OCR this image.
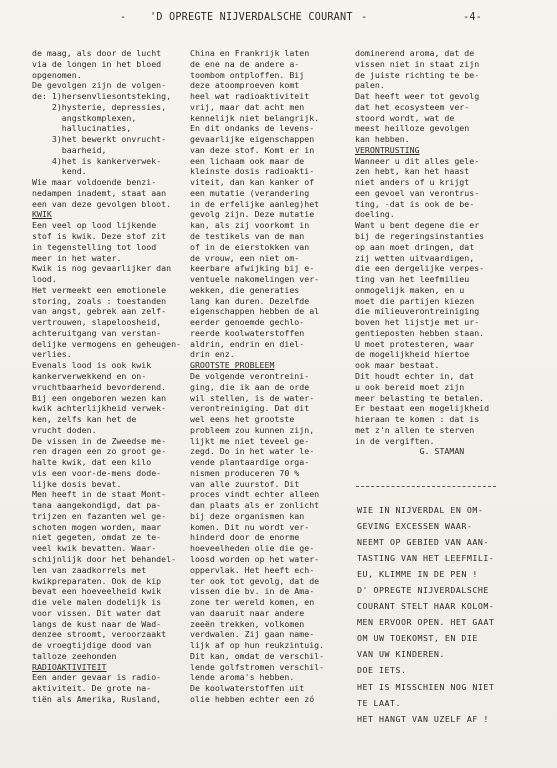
- 'D OPREGTE NIJVERDALSCHE COURANT -	-4-
de maag, als door de lucht
via de longen in het bloed
opgenomen.
De gevolgen zijn de volgen-
de: 1)hersenvliesontsteking,
2)hysterie, depressies,
angstkomplexen,
hallucinaties,
3)het bewerkt onvrucht-
baarheid,
4)het is kankerverwek-
kend.
Wie maar voldoende benzi-
nedampen inademt, staat aan
een van deze gevolgen bloot.
KWIK
Een veel op lood lijkende
stof is kwik. Deze stof zit
in tegenstelling tot lood
meer in het water.
Kwik is nog gevaarlijker dan
lood.
Het vermeekt een emotionele
storing, zoals : toestanden
van angst, gebrek aan zelf-
vertrouwen, slapeloosheid,
achteruitgang van verstan-
delijke vermogens en geheugen-
verlies.
Evenals lood is ook kwik
kankerverwekkend en on-
vruchtbaarheid bevorderend.
Bij een ongeboren wezen kan
kwik achterlijkheid verwek-
ken, zelfs kan het de
vrucht doden.
De vissen in de Zweedse me-
ren dragen een zo groot ge-
halte kwik, dat een kilo
vis een voor-de-mens dode-
lijke dosis bevat.
Men heeft in de staat Mont-
tana aangekondigd, dat pa-
trijzen en fazanten wel ge-
schoten mogen worden, maar
niet gegeten, omdat ze te-
veel kwik bevatten. Waar-
schijnlijk door het behandel-
len van zaadkorrels met
kwikpreparaten. Ook de kip
bevat een hoeveelheid kwik
die vele malen dodelijk is
voor vissen. Dit water dat
langs de kust naar de Wad-
denzee stroomt, veroorzaakt
de vroegtijdige dood van
talloze zeehonden
RADIOAKTIVITEIT
Een ander gevaar is radio-
aktiviteit. De grote na-
tiën als Amerika, Rusland,
China en Frankrijk laten
de ene na de andere a-
toombom ontploffen. Bij
deze atoomproeven komt
heel wat radioaktiviteit
vrij, maar dat acht men
kennelijk niet belangrijk.
En dit ondanks de levens-
gevaarlijke eigenschappen
van deze stof. Komt er in
een lichaam ook maar de
kleinste dosis radioakti-
viteit, dan kan kanker of
een mutatie (verandering
in de erfelijke aanleg)het
gevolg zijn. Deze mutatie
kan, als zij voorkomt in
de testikels van de man
of in de eierstokken van
de vrouw, een niet om-
keerbare afwijking bij e-
ventuele nakomelingen ver-
wekken, die generaties
lang kan duren. Dezelfde
eigenschappen hebben de al
eerder genoemde gechlo-
reerde koolwaterstoffen
aldrin, endrin en diel-
drin enz.
GROOTSTE PROBLEEM
De volgende verontreini-
ging, die ik aan de orde
wil stellen, is de water-
verontreiniging. Dat dit
wel eens het grootste
probleem zou kunnen zijn,
lijkt me niet teveel ge-
zegd. Do in het water le-
vende plantaardige orga-
nismen produceren 70 %
van alle zuurstof. Dit
proces vindt echter alleen
dan plaats als er zonlicht
bij deze organismen kan
komen. Dit nu wordt ver-
hinderd door de enorme
hoeveelheden olie die ge-
loosd worden op het water-
oppervlak. Het heeft ech-
ter ook tot gevolg, dat de
vissen die bv. in de Ama-
zone ter wereld komen, en
van daaruit naar andere
zeeën trekken, volkomen
verdwalen. Zij gaan name-
lijk af op hun reukzintuig.
Dit kan, omdat de verschil-
lende golfstromen verschil-
lende aroma's hebben.
De koolwaterstoffen uit
olie hebben echter een zó
dominerend aroma, dat de
vissen niet in staat zijn
de juiste richting te be-
palen.
Dat heeft weer tot gevolg
dat het ecosysteem ver-
stoord wordt, wat de
meest heilloze gevolgen
kan hebben.
VERONTRUSTING
Wanneer u dit alles gele-
zen hebt, kan het haast
niet anders of u krijgt
een gevoel van verontrus-
ting, -dat is ook de be-
doeling.
Want u bent degene die er
bij de regeringsinstanties
op aan moet dringen, dat
zij wetten uitvaardigen,
die een dergelijke verpes-
ting van het leefmilieu
onmogelijk maken, en u
moet die partijen kiezen
die milieuverontreiniging
boven het lijstje met ur-
gentieposten hebben staan.
U moet protesteren, waar
de mogelijkheid hiertoe
ook maar bestaat.
Dit houdt echter in, dat
u ook bereid moet zijn
meer belasting te betalen.
Er bestaat een mogelijkheid
hieraan te komen : dat is
met z'n allen te sterven
in de vergiften.
G. STAMAN
WIE IN NIJVERDAL EN OM-
GEVING EXCESSEN WAAR-
NEEMT OP GEBIED VAN AAN-
TASTING VAN HET LEEFMILI-
EU, KLIMME IN DE PEN !
D' OPREGTE NIJVERDALSCHE
COURANT STELT HAAR KOLOM-
MEN ERVOOR OPEN. HET GAAT
OM UW TOEKOMST, EN DIE
VAN UW KINDEREN.
DOE IETS.
HET IS MISSCHIEN NOG NIET
TE LAAT.
HET HANGT VAN UZELF AF !
